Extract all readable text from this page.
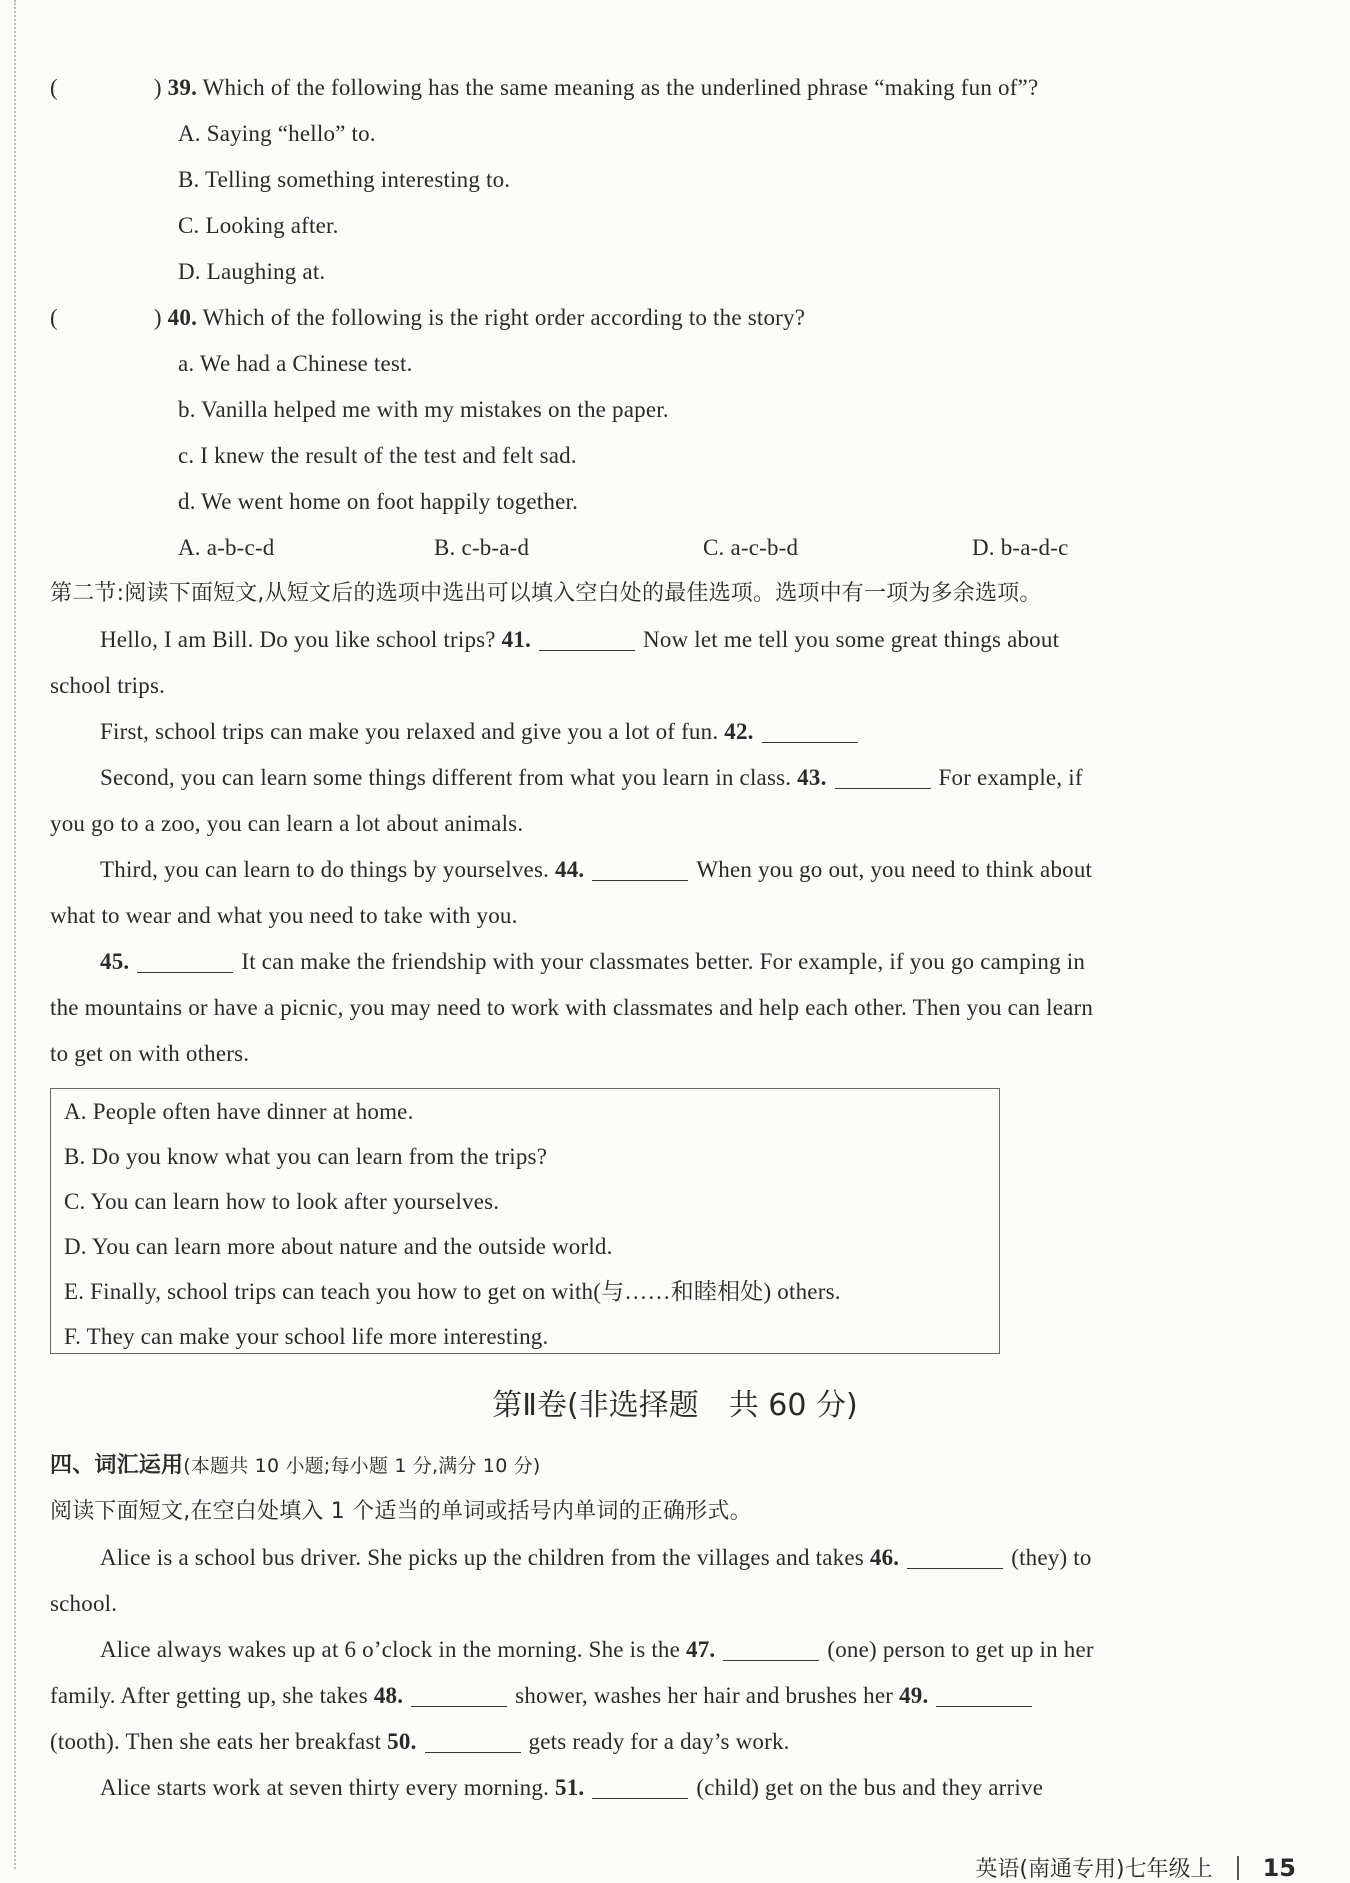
(	) 39. Which of the following has the same meaning as the underlined phrase “making fun of”?
A. Saying “hello” to.
B. Telling something interesting to.
C. Looking after.
D. Laughing at.
(	) 40. Which of the following is the right order according to the story?
a. We had a Chinese test.
b. Vanilla helped me with my mistakes on the paper.
c. I knew the result of the test and felt sad.
d. We went home on foot happily together.
A. a-b-c-d	B. c-b-a-d	C. a-c-b-d	D. b-a-d-c
第二节:阅读下面短文,从短文后的选项中选出可以填入空白处的最佳选项。选项中有一项为多余选项。
Hello, I am Bill. Do you like school trips? 41.	Now let me tell you some great things about
school trips.
First, school trips can make you relaxed and give you a lot of fun. 42.
Second, you can learn some things different from what you learn in class. 43.	For example, if
you go to a zoo, you can learn a lot about animals.
Third, you can learn to do things by yourselves. 44.	When you go out, you need to think about
what to wear and what you need to take with you.
45.	It can make the friendship with your classmates better. For example, if you go camping in
the mountains or have a picnic, you may need to work with classmates and help each other. Then you can learn
to get on with others.
A. People often have dinner at home.
B. Do you know what you can learn from the trips?
C. You can learn how to look after yourselves.
D. You can learn more about nature and the outside world.
E. Finally, school trips can teach you how to get on with(与……和睦相处) others.
F. They can make your school life more interesting.
第Ⅱ卷(非选择题　共 60 分)
四、词汇运用(本题共 10 小题;每小题 1 分,满分 10 分)
阅读下面短文,在空白处填入 1 个适当的单词或括号内单词的正确形式。
Alice is a school bus driver. She picks up the children from the villages and takes 46.	(they) to
school.
Alice always wakes up at 6 o’clock in the morning. She is the 47.	(one) person to get up in her
family. After getting up, she takes 48.	shower, washes her hair and brushes her 49.
(tooth). Then she eats her breakfast 50.	gets ready for a day’s work.
Alice starts work at seven thirty every morning. 51.	(child) get on the bus and they arrive
英语(南通专用)七年级上 15
